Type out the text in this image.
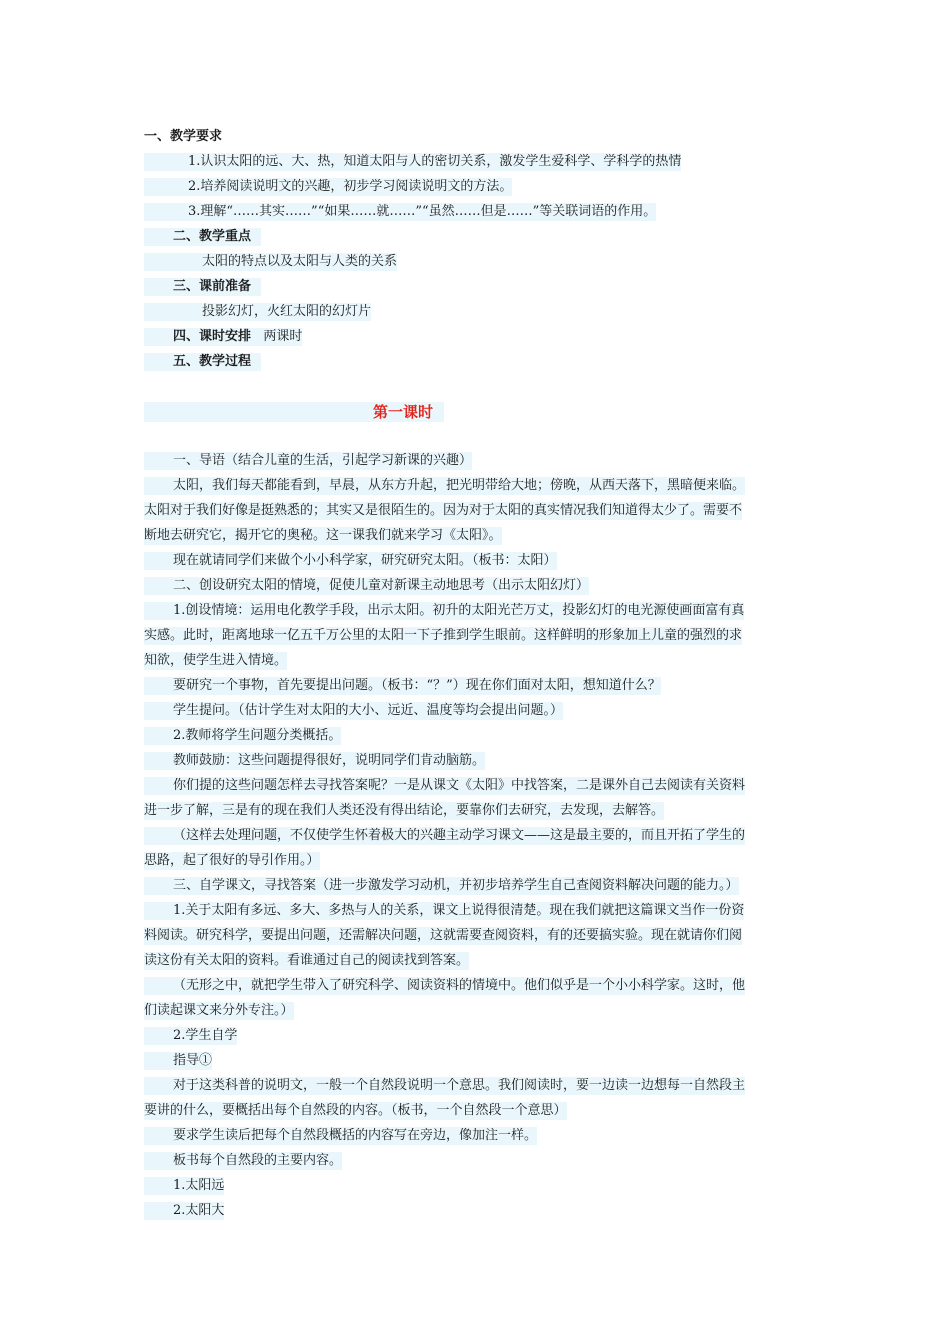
一、教学要求
1.认识太阳的远、大、热，知道太阳与人的密切关系，激发学生爱科学、学科学的热情
2.培养阅读说明文的兴趣，初步学习阅读说明文的方法。
3.理解“……其实……”“如果……就……”“虽然……但是……”等关联词语的作用。
二、教学重点
太阳的特点以及太阳与人类的关系
三、课前准备
投影幻灯，火红太阳的幻灯片
四、课时安排 两课时
五、教学过程
第一课时
一、导语（结合儿童的生活，引起学习新课的兴趣）
太阳，我们每天都能看到，早晨，从东方升起，把光明带给大地；傍晚，从西天落下，黑暗便来临。
太阳对于我们好像是挺熟悉的；其实又是很陌生的。因为对于太阳的真实情况我们知道得太少了。需要不
断地去研究它，揭开它的奥秘。这一课我们就来学习《太阳》。
现在就请同学们来做个小小科学家，研究研究太阳。（板书：太阳）
二、创设研究太阳的情境，促使儿童对新课主动地思考（出示太阳幻灯）
1.创设情境：运用电化教学手段，出示太阳。初升的太阳光芒万丈，投影幻灯的电光源使画面富有真
实感。此时，距离地球一亿五千万公里的太阳一下子推到学生眼前。这样鲜明的形象加上儿童的强烈的求
知欲，使学生进入情境。
要研究一个事物，首先要提出问题。（板书：“？”）现在你们面对太阳，想知道什么？
学生提问。（估计学生对太阳的大小、远近、温度等均会提出问题。）
2.教师将学生问题分类概括。
教师鼓励：这些问题提得很好，说明同学们肯动脑筋。
你们提的这些问题怎样去寻找答案呢？一是从课文《太阳》中找答案，二是课外自己去阅读有关资料
进一步了解，三是有的现在我们人类还没有得出结论，要靠你们去研究，去发现，去解答。
（这样去处理问题，不仅使学生怀着极大的兴趣主动学习课文——这是最主要的，而且开拓了学生的
思路，起了很好的导引作用。）
三、自学课文，寻找答案（进一步激发学习动机，并初步培养学生自己查阅资料解决问题的能力。）
1.关于太阳有多远、多大、多热与人的关系，课文上说得很清楚。现在我们就把这篇课文当作一份资
料阅读。研究科学，要提出问题，还需解决问题，这就需要查阅资料，有的还要搞实验。现在就请你们阅
读这份有关太阳的资料。看谁通过自己的阅读找到答案。
（无形之中，就把学生带入了研究科学、阅读资料的情境中。他们似乎是一个小小科学家。这时，他
们读起课文来分外专注。）
2.学生自学
指导①
对于这类科普的说明文，一般一个自然段说明一个意思。我们阅读时，要一边读一边想每一自然段主
要讲的什么，要概括出每个自然段的内容。（板书，一个自然段一个意思）
要求学生读后把每个自然段概括的内容写在旁边，像加注一样。
板书每个自然段的主要内容。
1.太阳远
2.太阳大
